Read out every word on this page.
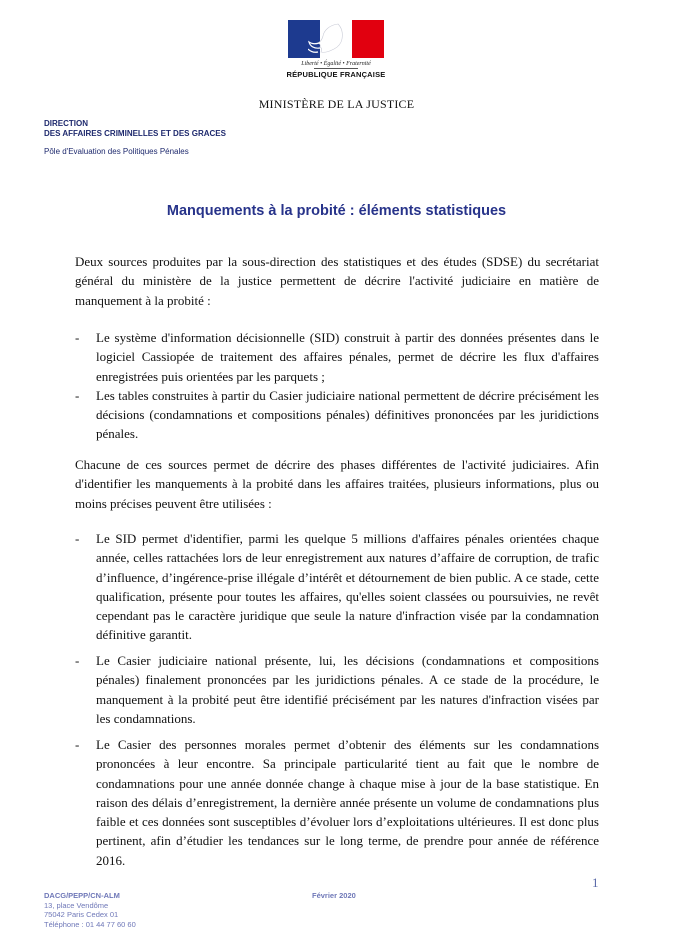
Liberté • Égalité • Fraternité
RÉPUBLIQUE FRANÇAISE
MINISTÈRE DE LA JUSTICE
DIRECTION
DES AFFAIRES CRIMINELLES ET DES GRACES
Pôle d'Evaluation des Politiques Pénales
Manquements à la probité : éléments statistiques

Deux sources produites par la sous-direction des statistiques et des études (SDSE) du secrétariat général du ministère de la justice permettent de décrire l'activité judiciaire en matière de manquement à la probité :

- Le système d'information décisionnelle (SID) construit à partir des données présentes dans le logiciel Cassiopée de traitement des affaires pénales, permet de décrire les flux d'affaires enregistrées puis orientées par les parquets ;
- Les tables construites à partir du Casier judiciaire national permettent de décrire précisément les décisions (condamnations et compositions pénales) définitives prononcées par les juridictions pénales.

Chacune de ces sources permet de décrire des phases différentes de l'activité judiciaires. Afin d'identifier les manquements à la probité dans les affaires traitées, plusieurs informations, plus ou moins précises peuvent être utilisées :

- Le SID permet d'identifier, parmi les quelque 5 millions d'affaires pénales orientées chaque année, celles rattachées lors de leur enregistrement aux natures d’affaire de corruption, de trafic d’influence, d’ingérence-prise illégale d’intérêt et détournement de bien public. A ce stade, cette qualification, présente pour toutes les affaires, qu'elles soient classées ou poursuivies, ne revêt cependant pas le caractère juridique que seule la nature d'infraction visée par la condamnation définitive garantit.
- Le Casier judiciaire national présente, lui, les décisions (condamnations et compositions pénales) finalement prononcées par les juridictions pénales. A ce stade de la procédure, le manquement à la probité peut être identifié précisément par les natures d'infraction visées par les condamnations.
- Le Casier des personnes morales permet d’obtenir des éléments sur les condamnations prononcées à leur encontre. Sa principale particularité tient au fait que le nombre de condamnations pour une année donnée change à chaque mise à jour de la base statistique. En raison des délais d’enregistrement, la dernière année présente un volume de condamnations plus faible et ces données sont susceptibles d’évoluer lors d’exploitations ultérieures. Il est donc plus pertinent, afin d’étudier les tendances sur le long terme, de prendre pour année de référence 2016.
1
DACG/PEPP/CN-ALM
13, place Vendôme
75042 Paris Cedex 01
Téléphone : 01 44 77 60 60
Février 2020
